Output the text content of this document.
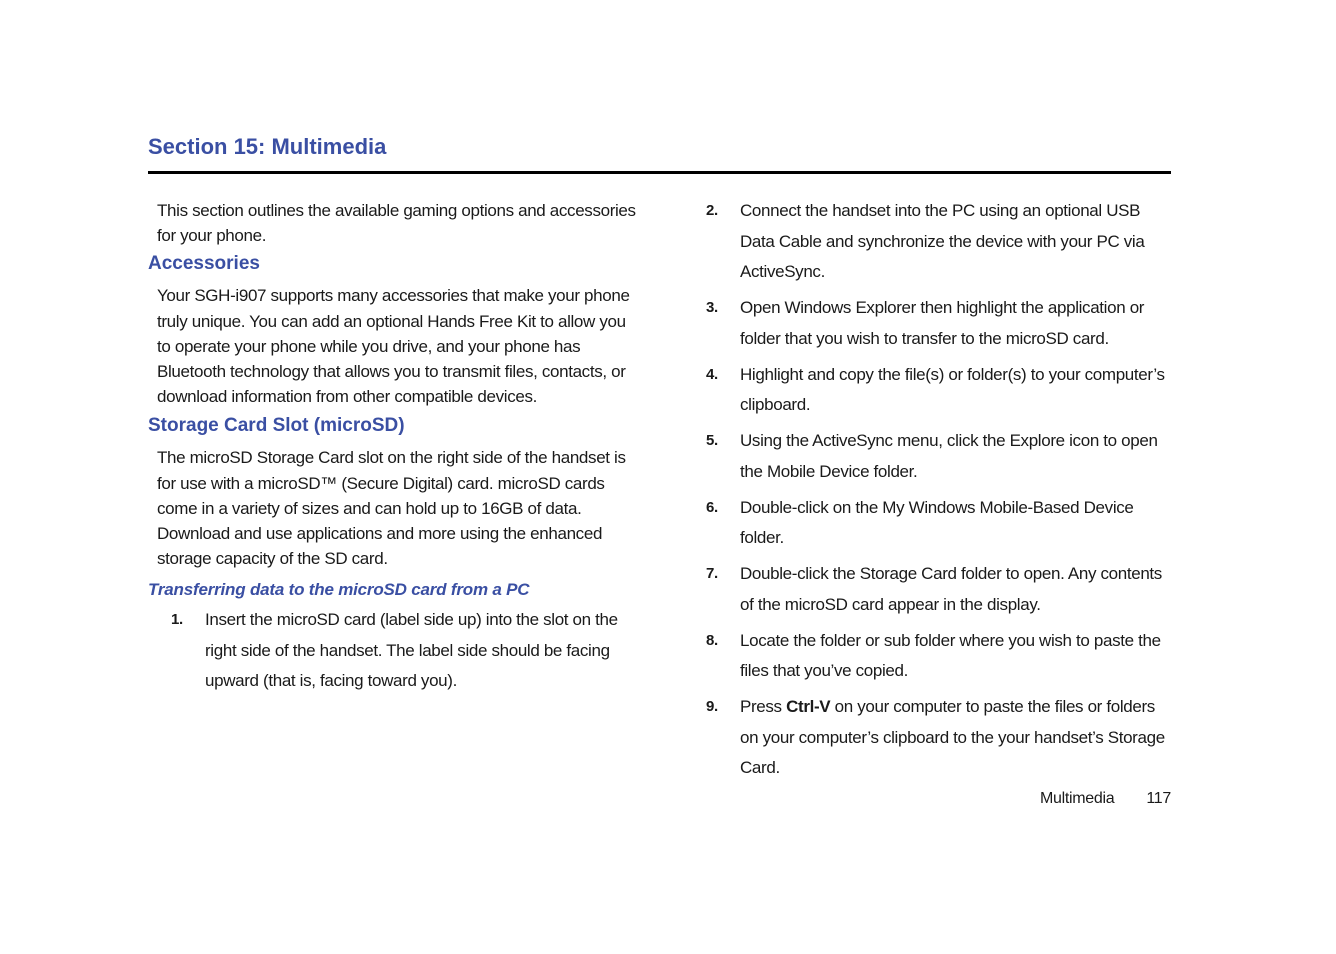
Section 15: Multimedia

This section outlines the available gaming options and accessories for your phone.

Accessories

Your SGH-i907 supports many accessories that make your phone truly unique. You can add an optional Hands Free Kit to allow you to operate your phone while you drive, and your phone has Bluetooth technology that allows you to transmit files, contacts, or download information from other compatible devices.

Storage Card Slot (microSD)

The microSD Storage Card slot on the right side of the handset is for use with a microSD™ (Secure Digital) card. microSD cards come in a variety of sizes and can hold up to 16GB of data. Download and use applications and more using the enhanced storage capacity of the SD card.

Transferring data to the microSD card from a PC
1. Insert the microSD card (label side up) into the slot on the right side of the handset. The label side should be facing upward (that is, facing toward you).
2. Connect the handset into the PC using an optional USB Data Cable and synchronize the device with your PC via ActiveSync.
3. Open Windows Explorer then highlight the application or folder that you wish to transfer to the microSD card.
4. Highlight and copy the file(s) or folder(s) to your computer’s clipboard.
5. Using the ActiveSync menu, click the Explore icon to open the Mobile Device folder.
6. Double-click on the My Windows Mobile-Based Device folder.
7. Double-click the Storage Card folder to open. Any contents of the microSD card appear in the display.
8. Locate the folder or sub folder where you wish to paste the files that you’ve copied.
9. Press Ctrl-V on your computer to paste the files or folders on your computer’s clipboard to the your handset’s Storage Card.
Multimedia 117
